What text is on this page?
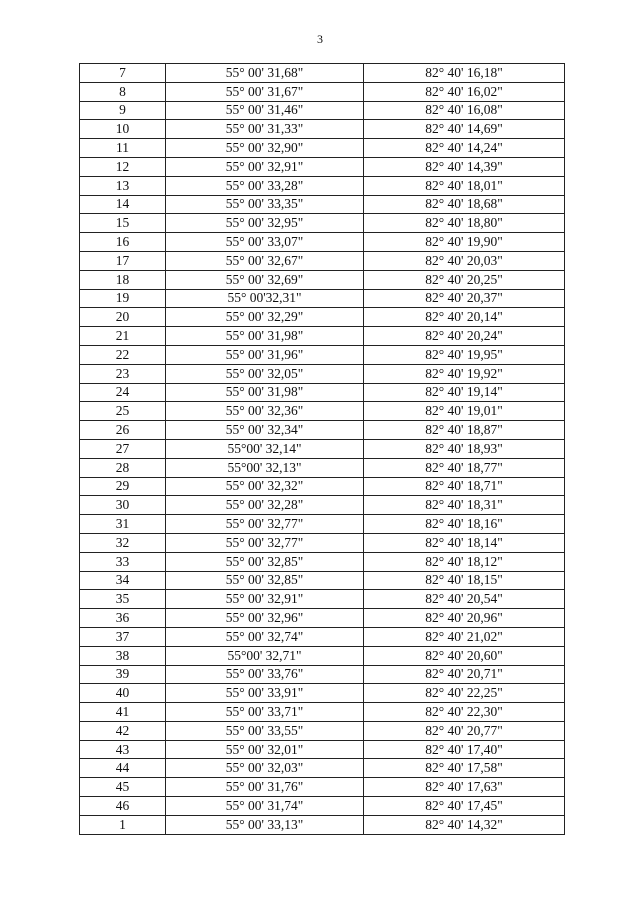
3
7	55° 00' 31,68"	82° 40' 16,18"
8	55° 00' 31,67"	82° 40' 16,02"
9	55° 00' 31,46"	82° 40' 16,08"
10	55° 00' 31,33"	82° 40' 14,69"
11	55° 00' 32,90"	82° 40' 14,24"
12	55° 00' 32,91"	82° 40' 14,39"
13	55° 00' 33,28"	82° 40' 18,01"
14	55° 00' 33,35"	82° 40' 18,68"
15	55° 00' 32,95"	82° 40' 18,80"
16	55° 00' 33,07"	82° 40' 19,90"
17	55° 00' 32,67"	82° 40' 20,03"
18	55° 00' 32,69"	82° 40' 20,25"
19	55° 00'32,31"	82° 40' 20,37"
20	55° 00' 32,29"	82° 40' 20,14"
21	55° 00' 31,98"	82° 40' 20,24"
22	55° 00' 31,96"	82° 40' 19,95"
23	55° 00' 32,05"	82° 40' 19,92"
24	55° 00' 31,98"	82° 40' 19,14"
25	55° 00' 32,36"	82° 40' 19,01"
26	55° 00' 32,34"	82° 40' 18,87"
27	55°00' 32,14"	82° 40' 18,93"
28	55°00' 32,13"	82° 40' 18,77"
29	55° 00' 32,32"	82° 40' 18,71"
30	55° 00' 32,28"	82° 40' 18,31"
31	55° 00' 32,77"	82° 40' 18,16"
32	55° 00' 32,77"	82° 40' 18,14"
33	55° 00' 32,85"	82° 40' 18,12"
34	55° 00' 32,85"	82° 40' 18,15"
35	55° 00' 32,91"	82° 40' 20,54"
36	55° 00' 32,96"	82° 40' 20,96"
37	55° 00' 32,74"	82° 40' 21,02"
38	55°00' 32,71"	82° 40' 20,60"
39	55° 00' 33,76"	82° 40' 20,71"
40	55° 00' 33,91"	82° 40' 22,25"
41	55° 00' 33,71"	82° 40' 22,30"
42	55° 00' 33,55"	82° 40' 20,77"
43	55° 00' 32,01"	82° 40' 17,40"
44	55° 00' 32,03"	82° 40' 17,58"
45	55° 00' 31,76"	82° 40' 17,63"
46	55° 00' 31,74"	82° 40' 17,45"
1	55° 00' 33,13"	82° 40' 14,32"
